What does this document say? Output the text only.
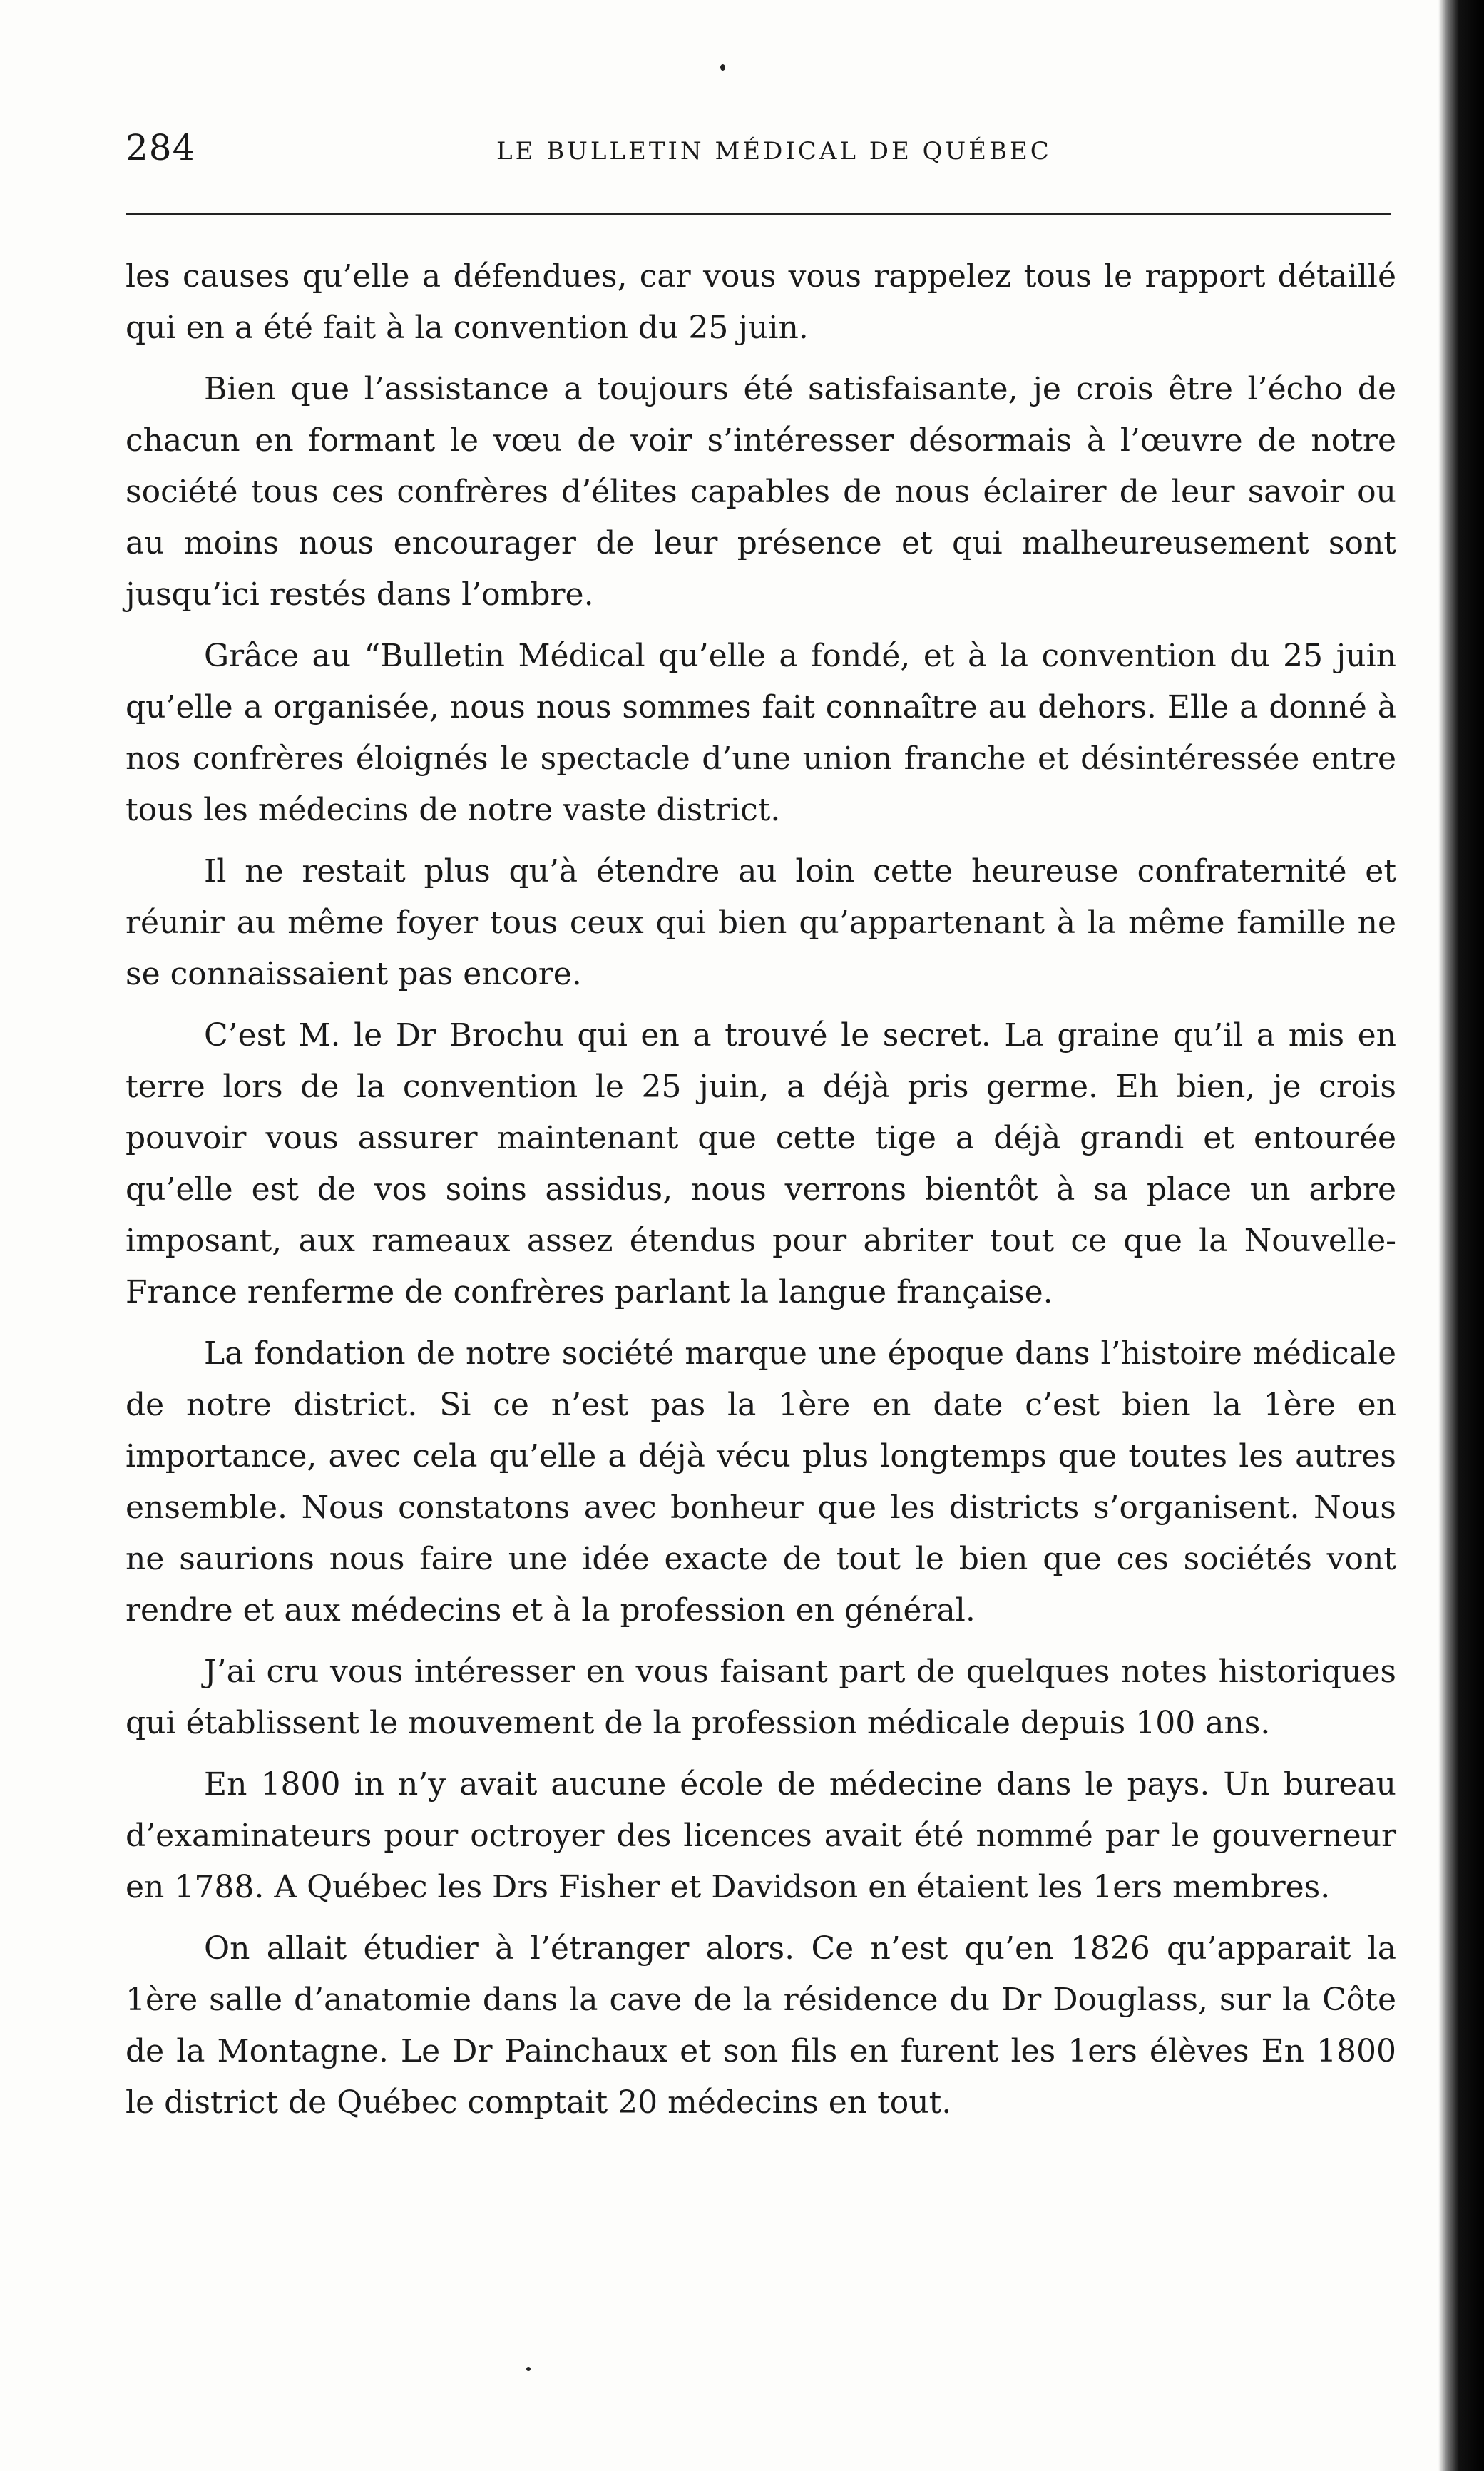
284	LE BULLETIN MÉDICAL DE QUÉBEC

les causes qu’elle a défendues, car vous vous rappelez tous le rapport détaillé qui en a été fait à la convention du 25 juin.

Bien que l’assistance a toujours été satisfaisante, je crois être l’écho de chacun en formant le vœu de voir s’intéresser désormais à l’œuvre de notre société tous ces confrères d’élites capables de nous éclairer de leur savoir ou au moins nous encourager de leur présence et qui malheureusement sont jusqu’ici restés dans l’ombre.

Grâce au “Bulletin Médical qu’elle a fondé, et à la convention du 25 juin qu’elle a organisée, nous nous sommes fait connaître au dehors. Elle a donné à nos confrères éloignés le spectacle d’une union franche et désintéressée entre tous les médecins de notre vaste district.

Il ne restait plus qu’à étendre au loin cette heureuse confraternité et réunir au même foyer tous ceux qui bien qu’appartenant à la même famille ne se connaissaient pas encore.

C’est M. le Dr Brochu qui en a trouvé le secret. La graine qu’il a mis en terre lors de la convention le 25 juin, a déjà pris germe. Eh bien, je crois pouvoir vous assurer maintenant que cette tige a déjà grandi et entourée qu’elle est de vos soins assidus, nous verrons bientôt à sa place un arbre imposant, aux rameaux assez étendus pour abriter tout ce que la Nouvelle-France renferme de confrères parlant la langue française.

La fondation de notre société marque une époque dans l’histoire médicale de notre district. Si ce n’est pas la 1ère en date c’est bien la 1ère en importance, avec cela qu’elle a déjà vécu plus longtemps que toutes les autres ensemble. Nous constatons avec bonheur que les districts s’organisent. Nous ne saurions nous faire une idée exacte de tout le bien que ces sociétés vont rendre et aux médecins et à la profession en général.

J’ai cru vous intéresser en vous faisant part de quelques notes historiques qui établissent le mouvement de la profession médicale depuis 100 ans.

En 1800 in n’y avait aucune école de médecine dans le pays. Un bureau d’examinateurs pour octroyer des licences avait été nommé par le gouverneur en 1788. A Québec les Drs Fisher et Davidson en étaient les 1ers membres.

On allait étudier à l’étranger alors. Ce n’est qu’en 1826 qu’apparait la 1ère salle d’anatomie dans la cave de la résidence du Dr Douglass, sur la Côte de la Montagne. Le Dr Painchaux et son fils en furent les 1ers élèves En 1800 le district de Québec comptait 20 médecins en tout.
